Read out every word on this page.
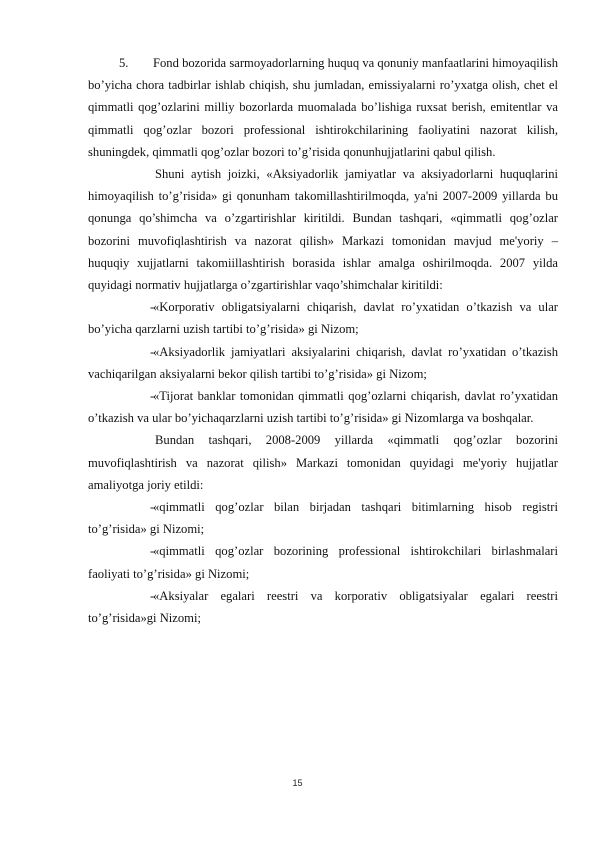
5. Fond bozorida sarmoyadorlarning huquq va qonuniy manfaatlarini himoyaqilish bo’yicha chora tadbirlar ishlab chiqish, shu jumladan, emissiyalarni ro’yxatga olish, chet el qimmatli qog’ozlarini milliy bozorlarda muomalada bo’lishiga ruxsat berish, emitentlar va qimmatli qog’ozlar bozori professional ishtirokchilarining faoliyatini nazorat kilish, shuningdek, qimmatli qog’ozlar bozori to’g’risida qonunhujjatlarini qabul qilish.

Shuni aytish joizki, «Aksiyadorlik jamiyatlar va aksiyadorlarni huquqlarini himoyaqilish to’g’risida» gi qonunham takomillashtirilmoqda, ya'ni 2007-2009 yillarda bu qonunga qo’shimcha va o’zgartirishlar kiritildi. Bundan tashqari, «qimmatli qog’ozlar bozorini muvofiqlashtirish va nazorat qilish» Markazi tomonidan mavjud me'yoriy – huquqiy xujjatlarni takomiillashtirish borasida ishlar amalga oshirilmoqda. 2007 yilda quyidagi normativ hujjatlarga o’zgartirishlar vaqo’shimchalar kiritildi:

-«Korporativ obligatsiyalarni chiqarish, davlat ro’yxatidan o’tkazish va ular bo’yicha qarzlarni uzish tartibi to’g’risida» gi Nizom;

-«Aksiyadorlik jamiyatlari aksiyalarini chiqarish, davlat ro’yxatidan o’tkazish vachiqarilgan aksiyalarni bekor qilish tartibi to’g’risida» gi Nizom;

-«Tijorat banklar tomonidan qimmatli qog’ozlarni chiqarish, davlat ro’yxatidan o’tkazish va ular bo’yichaqarzlarni uzish tartibi to’g’risida» gi Nizomlarga va boshqalar.

Bundan tashqari, 2008-2009 yillarda «qimmatli qog’ozlar bozorini muvofiqlashtirish va nazorat qilish» Markazi tomonidan quyidagi me'yoriy hujjatlar amaliyotga joriy etildi:

-«qimmatli qog’ozlar bilan birjadan tashqari bitimlarning hisob registri to’g’risida» gi Nizomi;

-«qimmatli qog’ozlar bozorining professional ishtirokchilari birlashmalari faoliyati to’g’risida» gi Nizomi;

-«Aksiyalar egalari reestri va korporativ obligatsiyalar egalari reestri to’g’risida»gi Nizomi;

15
